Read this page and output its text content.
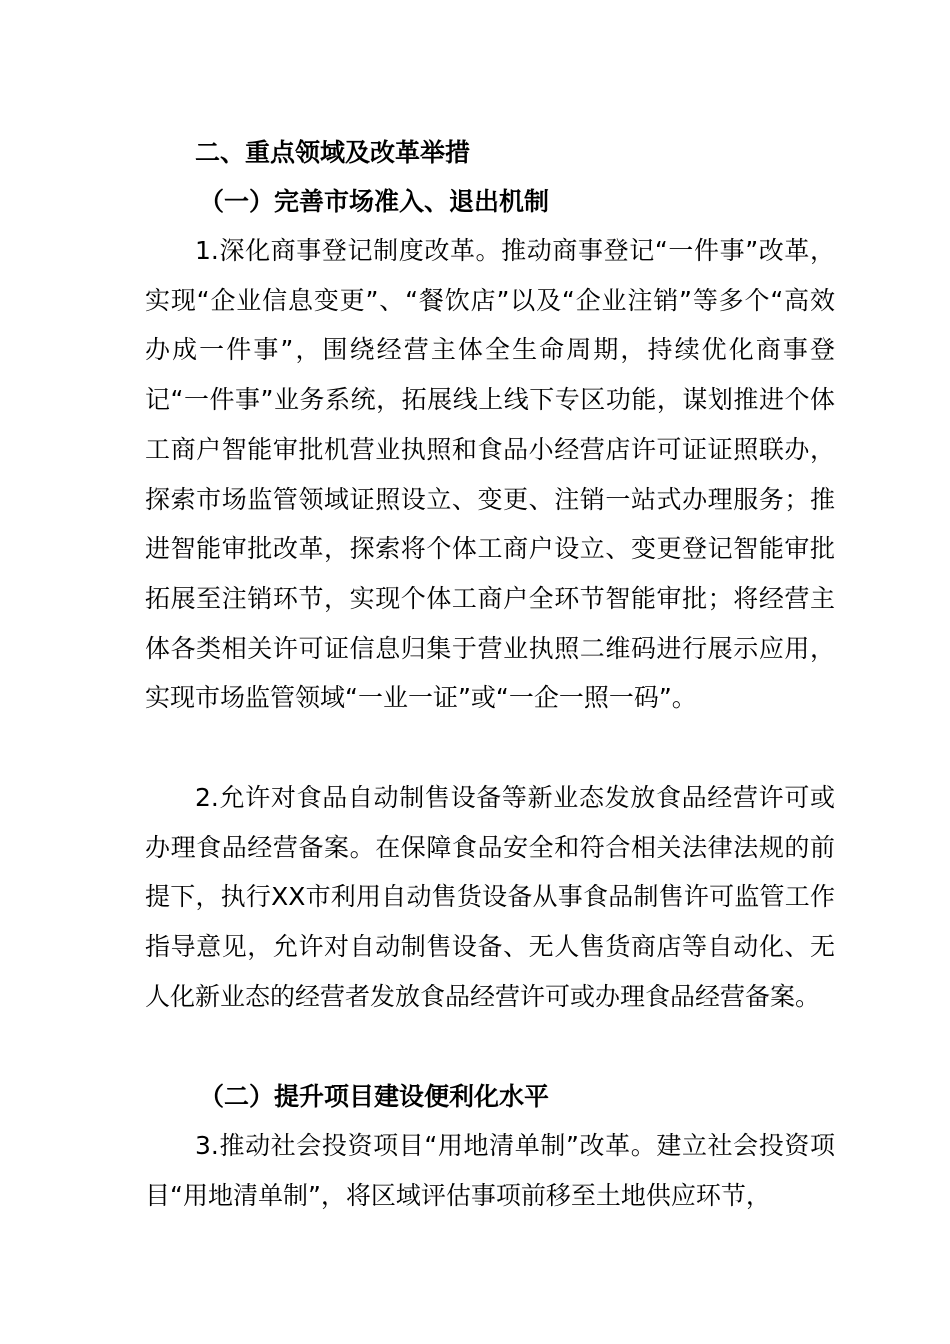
二、重点领域及改革举措
（一）完善市场准入、退出机制

1.深化商事登记制度改革。推动商事登记“一件事”改革，实现“企业信息变更”、“餐饮店”以及“企业注销”等多个“高效办成一件事”，围绕经营主体全生命周期，持续优化商事登记“一件事”业务系统，拓展线上线下专区功能，谋划推进个体工商户智能审批机营业执照和食品小经营店许可证证照联办，探索市场监管领域证照设立、变更、注销一站式办理服务；推进智能审批改革，探索将个体工商户设立、变更登记智能审批拓展至注销环节，实现个体工商户全环节智能审批；将经营主体各类相关许可证信息归集于营业执照二维码进行展示应用，实现市场监管领域“一业一证”或“一企一照一码”。

2.允许对食品自动制售设备等新业态发放食品经营许可或办理食品经营备案。在保障食品安全和符合相关法律法规的前提下，执行XX市利用自动售货设备从事食品制售许可监管工作指导意见，允许对自动制售设备、无人售货商店等自动化、无人化新业态的经营者发放食品经营许可或办理食品经营备案。

（二）提升项目建设便利化水平

3.推动社会投资项目“用地清单制”改革。建立社会投资项目“用地清单制”，将区域评估事项前移至土地供应环节，
